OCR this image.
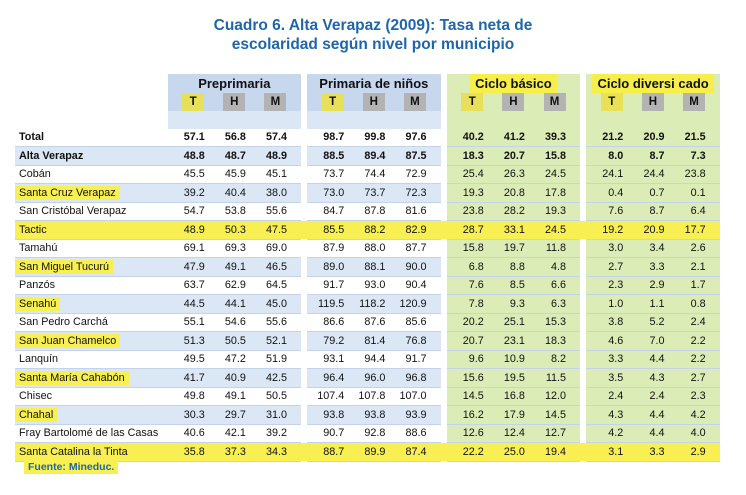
Cuadro 6. Alta Verapaz (2009): Tasa neta de
escolaridad según nivel por municipio
	Preprimaria								Primaria de niños								Ciclo básico								Ciclo diversi cado						
		T		H		M				T		H		M				T		H		M				T		H		M	

Total		57.1		56.8		57.4				98.7		99.8		97.6				40.2		41.2		39.3				21.2		20.9		21.5	
Alta Verapaz		48.8		48.7		48.9				88.5		89.4		87.5				18.3		20.7		15.8				8.0		8.7		7.3	
Cobán		45.5		45.9		45.1				73.7		74.4		72.9				25.4		26.3		24.5				24.1		24.4		23.8	
Santa Cruz Verapaz		39.2		40.4		38.0				73.0		73.7		72.3				19.3		20.8		17.8				0.4		0.7		0.1	
San Cristóbal Verapaz		54.7		53.8		55.6				84.7		87.8		81.6				23.8		28.2		19.3				7.6		8.7		6.4	
Tactic		48.9		50.3		47.5				85.5		88.2		82.9				28.7		33.1		24.5				19.2		20.9		17.7	
Tamahú		69.1		69.3		69.0				87.9		88.0		87.7				15.8		19.7		11.8				3.0		3.4		2.6	
San Miguel Tucurú		47.9		49.1		46.5				89.0		88.1		90.0				6.8		8.8		4.8				2.7		3.3		2.1	
Panzós		63.7		62.9		64.5				91.7		93.0		90.4				7.6		8.5		6.6				2.3		2.9		1.7	
Senahú		44.5		44.1		45.0				119.5		118.2		120.9				7.8		9.3		6.3				1.0		1.1		0.8	
San Pedro Carchá		55.1		54.6		55.6				86.6		87.6		85.6				20.2		25.1		15.3				3.8		5.2		2.4	
San Juan Chamelco		51.3		50.5		52.1				79.2		81.4		76.8				20.7		23.1		18.3				4.6		7.0		2.2	
Lanquín		49.5		47.2		51.9				93.1		94.4		91.7				9.6		10.9		8.2				3.3		4.4		2.2	
Santa María Cahabón		41.7		40.9		42.5				96.4		96.0		96.8				15.6		19.5		11.5				3.5		4.3		2.7	
Chisec		49.8		49.1		50.5				107.4		107.8		107.0				14.5		16.8		12.0				2.4		2.4		2.3	
Chahal		30.3		29.7		31.0				93.8		93.8		93.9				16.2		17.9		14.5				4.3		4.4		4.2	
Fray Bartolomé de las Casas		40.6		42.1		39.2				90.7		92.8		88.6				12.6		12.4		12.7				4.2		4.4		4.0	
Santa Catalina la Tinta		35.8		37.3		34.3				88.7		89.9		87.4				22.2		25.0		19.4				3.1		3.3		2.9	
Fuente: Mineduc.
